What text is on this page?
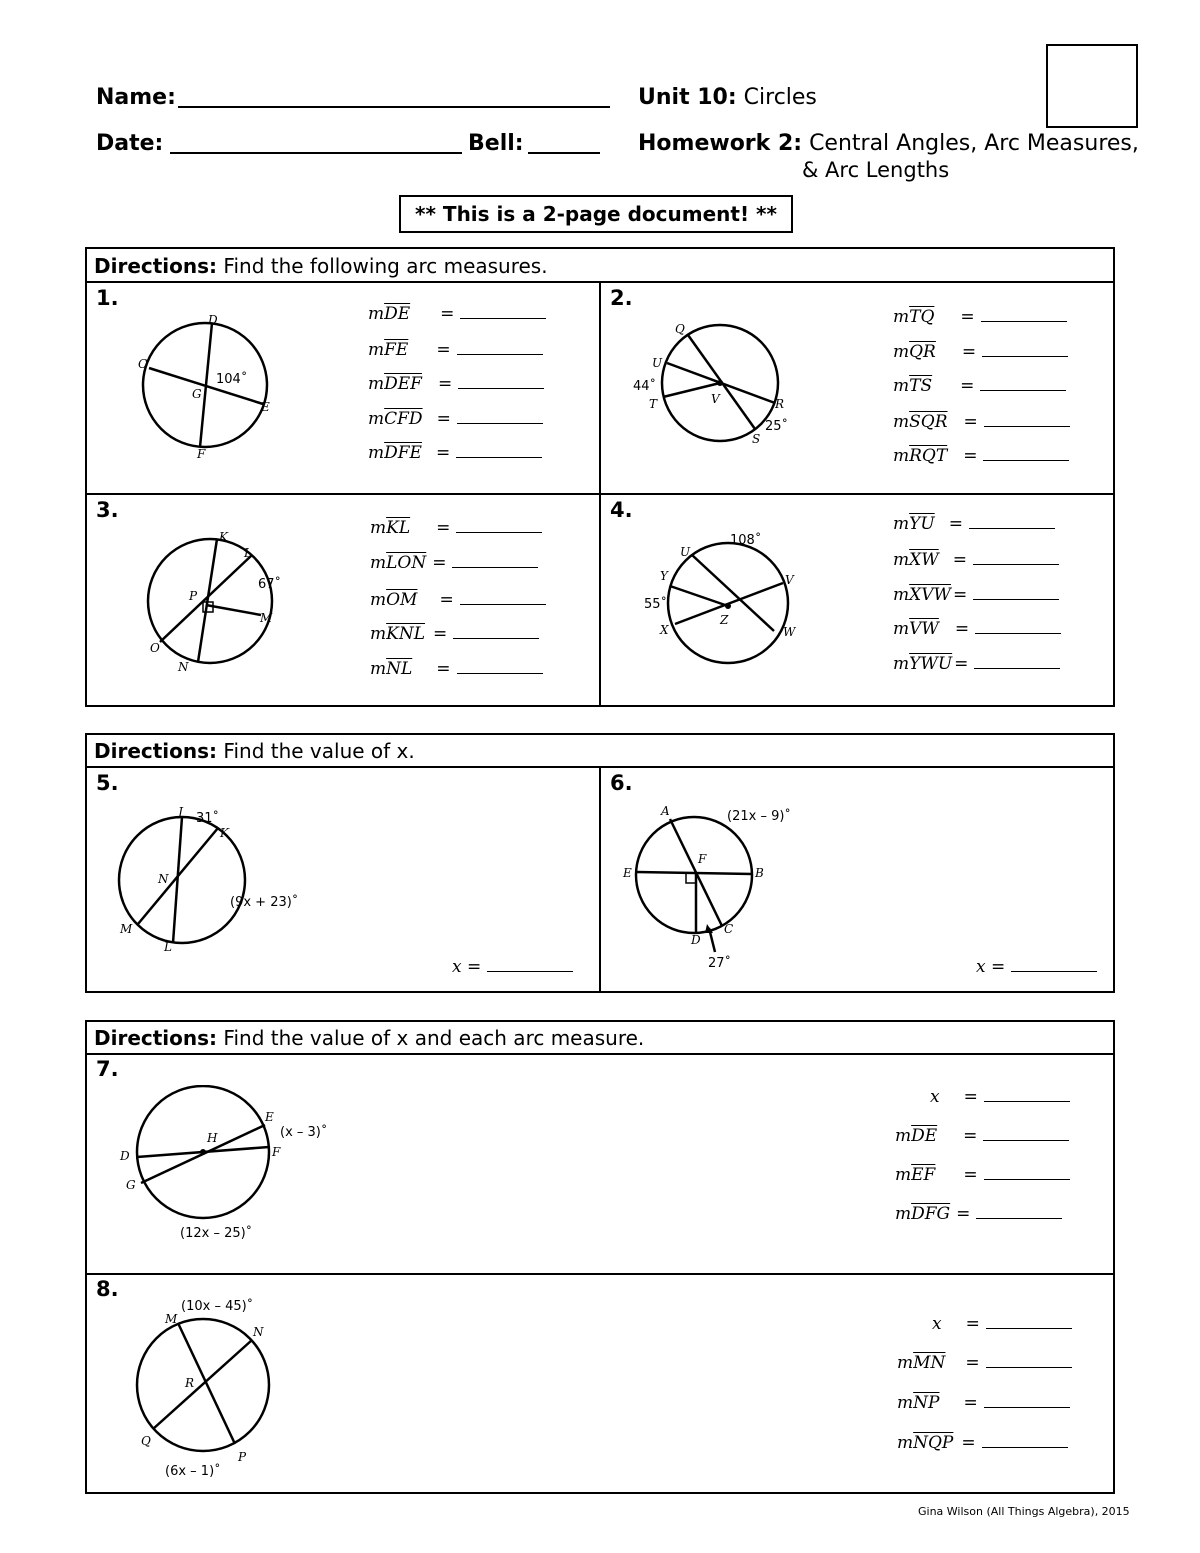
Name:
Date:	Bell:
Unit 10: Circles
Homework 2: Central Angles, Arc Measures,
& Arc Lengths
** This is a 2-page document! **
Directions: Find the following arc measures.
1.
D
C
G
E
F
104˚
$m\overline{DE}$ =
$m\overline{FE}$ =
$m\overline{DEF}$ =
$m\overline{CFD}$ =
$m\overline{DFE}$ =
2.
Q
U
T	V	R
S
44˚
25˚
$m\overline{TQ}$ =
$m\overline{QR}$ =
$m\overline{TS}$ =
$m\overline{SQR}$ =
$m\overline{RQT}$ =
3.
K
L
P
M
O
N
67˚
$m\overline{KL}$ =
$m\overline{LON}$ =
$m\overline{OM}$ =
$m\overline{KNL}$ =
$m\overline{NL}$ =
4.
U
Y	V
X
Z
W
108˚
55˚
$m\overline{YU}$ =
$m\overline{XW}$ =
$m\overline{XVW}$ =
$m\overline{VW}$ =
$m\overline{YWU}$ =
Directions: Find the value of x.
5.
J
K
N
M
L
31˚
(9x + 23)˚
x =
6.
A
F
E	B
D
C
(21x – 9)˚
27˚	x =
Directions: Find the value of x and each arc measure.
7.
E
H
D	F
G
(x – 3)˚
(12x – 25)˚
x =
$m\overline{DE}$ =
$m\overline{EF}$ =
$m\overline{DFG}$ =
8.
M
N
R
Q
P
(10x – 45)˚
(6x – 1)˚
x =
$m\overline{MN}$ =
$m\overline{NP}$ =
$m\overline{NQP}$ =
Gina Wilson (All Things Algebra), 2015
